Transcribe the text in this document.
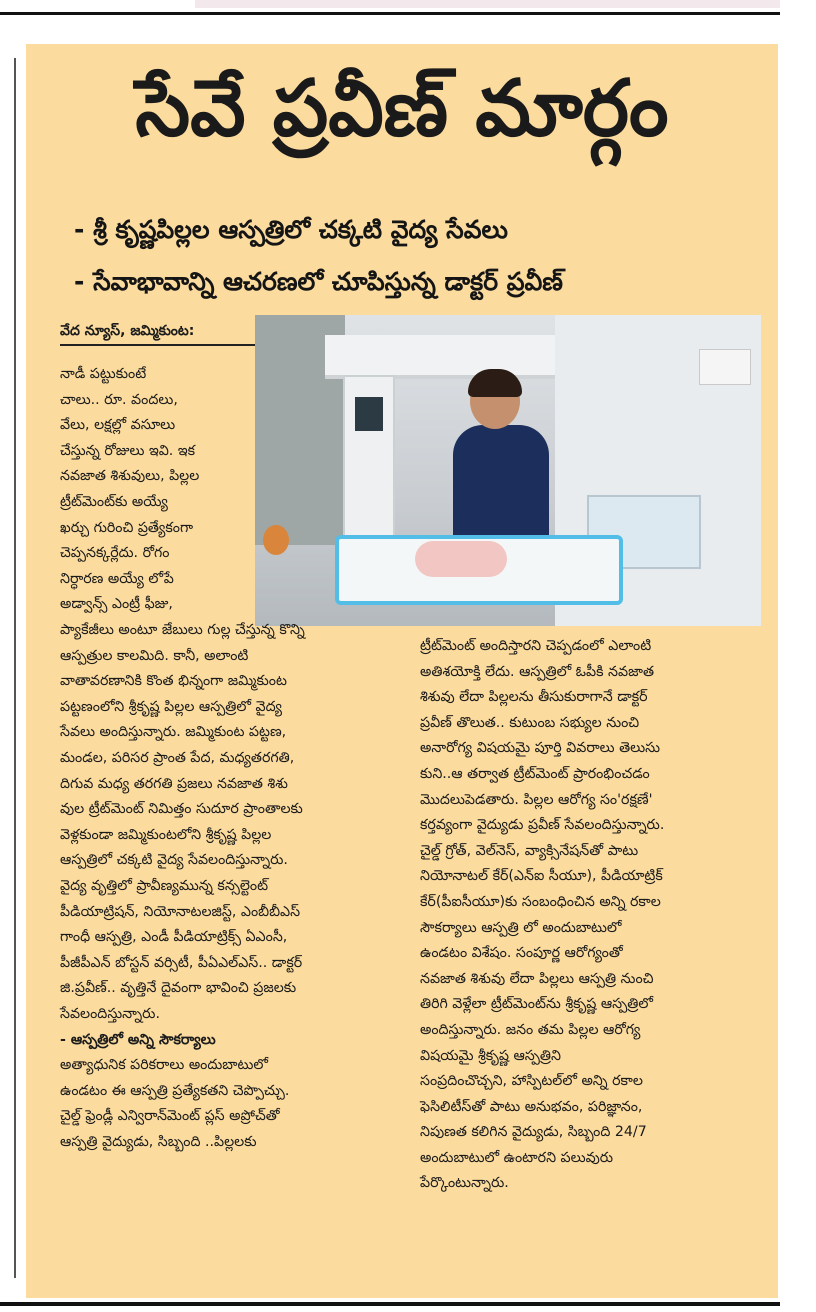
సేవే ప్రవీణ్ మార్గం
- శ్రీ కృష్ణపిల్లల ఆస్పత్రిలో చక్కటి వైద్య సేవలు
- సేవాభావాన్ని ఆచరణలో చూపిస్తున్న డాక్టర్ ప్రవీణ్
వేద న్యూస్, జమ్మికుంట:
నాడీ పట్టుకుంటే
చాలు.. రూ. వందలు,
వేలు, లక్షల్లో వసూలు
చేస్తున్న రోజులు ఇవి. ఇక
నవజాత శిశువులు, పిల్లల
ట్రీట్‌మెంట్‌కు అయ్యే
ఖర్చు గురించి ప్రత్యేకంగా
చెప్పనక్కర్లేదు. రోగం
నిర్ధారణ అయ్యే లోపే
అడ్వాన్స్ ఎంట్రీ ఫీజు,
ప్యాకేజీలు అంటూ జేబులు గుల్ల చేస్తున్న కొన్ని
ఆస్పత్రుల కాలమిది. కానీ, అలాంటి
వాతావరణానికి కొంత భిన్నంగా జమ్మికుంట
పట్టణంలోని శ్రీకృష్ణ పిల్లల ఆస్పత్రిలో వైద్య
సేవలు అందిస్తున్నారు. జమ్మికుంట పట్టణ,
మండల, పరిసర ప్రాంత పేద, మధ్యతరగతి,
దిగువ మధ్య తరగతి ప్రజలు నవజాత శిశు
వుల ట్రీట్‌మెంట్ నిమిత్తం సుదూర ప్రాంతాలకు
వెళ్లకుండా జమ్మికుంటలోని శ్రీకృష్ణ పిల్లల
ఆస్పత్రిలో చక్కటి వైద్య సేవలందిస్తున్నారు.
వైద్య వృత్తిలో ప్రావీణ్యమున్న కన్సల్టెంట్
పీడియాట్రిషన్, నియోనాటలజిస్ట్, ఎంబీబీఎస్
గాంధీ ఆస్పత్రి, ఎండీ పీడియాట్రిక్స్ ఏఎంసీ,
పీజీపీఎన్ బోస్టన్ వర్సిటీ, పీఏఎల్ఎస్.. డాక్టర్
జి.ప్రవీణ్.. వృత్తినే దైవంగా భావించి ప్రజలకు
సేవలందిస్తున్నారు.
- ఆస్పత్రిలో అన్ని సౌకర్యాలు
అత్యాధునిక పరికరాలు అందుబాటులో
ఉండటం ఈ ఆస్పత్రి ప్రత్యేకతని చెప్పొచ్చు.
చైల్డ్ ఫ్రెండ్లీ ఎన్విరాన్‌మెంట్ ప్లస్ అప్రోచ్‌తో
ఆస్పత్రి వైద్యుడు, సిబ్బంది ..పిల్లలకు
ట్రీట్‌మెంట్ అందిస్తారని చెప్పడంలో ఎలాంటి
అతిశయోక్తి లేదు. ఆస్పత్రిలో ఓపీకి నవజాత
శిశువు లేదా పిల్లలను తీసుకురాగానే డాక్టర్
ప్రవీణ్ తొలుత.. కుటుంబ సభ్యుల నుంచి
అనారోగ్య విషయమై పూర్తి వివరాలు తెలుసు
కుని..ఆ తర్వాత ట్రీట్‌మెంట్ ప్రారంభించడం
మొదలుపెడతారు. పిల్లల ఆరోగ్య సం'రక్షణే'
కర్తవ్యంగా వైద్యుడు ప్రవీణ్ సేవలందిస్తున్నారు.
చైల్డ్ గ్రోత్, వెల్‌నెస్, వ్యాక్సినేషన్‌తో పాటు
నియోనాటల్ కేర్(ఎన్ఐ సీయూ), పీడియాట్రిక్
కేర్(పీఐసీయూ)కు సంబంధించిన అన్ని రకాల
సౌకర్యాలు ఆస్పత్రి లో అందుబాటులో
ఉండటం విశేషం. సంపూర్ణ ఆరోగ్యంతో
నవజాత శిశువు లేదా పిల్లలు ఆస్పత్రి నుంచి
తిరిగి వెళ్లేలా ట్రీట్‌మెంట్‌ను శ్రీకృష్ణ ఆస్పత్రిలో
అందిస్తున్నారు. జనం తమ పిల్లల ఆరోగ్య
విషయమై శ్రీకృష్ణ ఆస్పత్రిని
సంప్రదించొచ్చని, హాస్పిటల్‌లో అన్ని రకాల
ఫెసిలిటీస్‌తో పాటు అనుభవం, పరిజ్ఞానం,
నిపుణత కలిగిన వైద్యుడు, సిబ్బంది 24/7
అందుబాటులో ఉంటారని పలువురు
పేర్కొంటున్నారు.
